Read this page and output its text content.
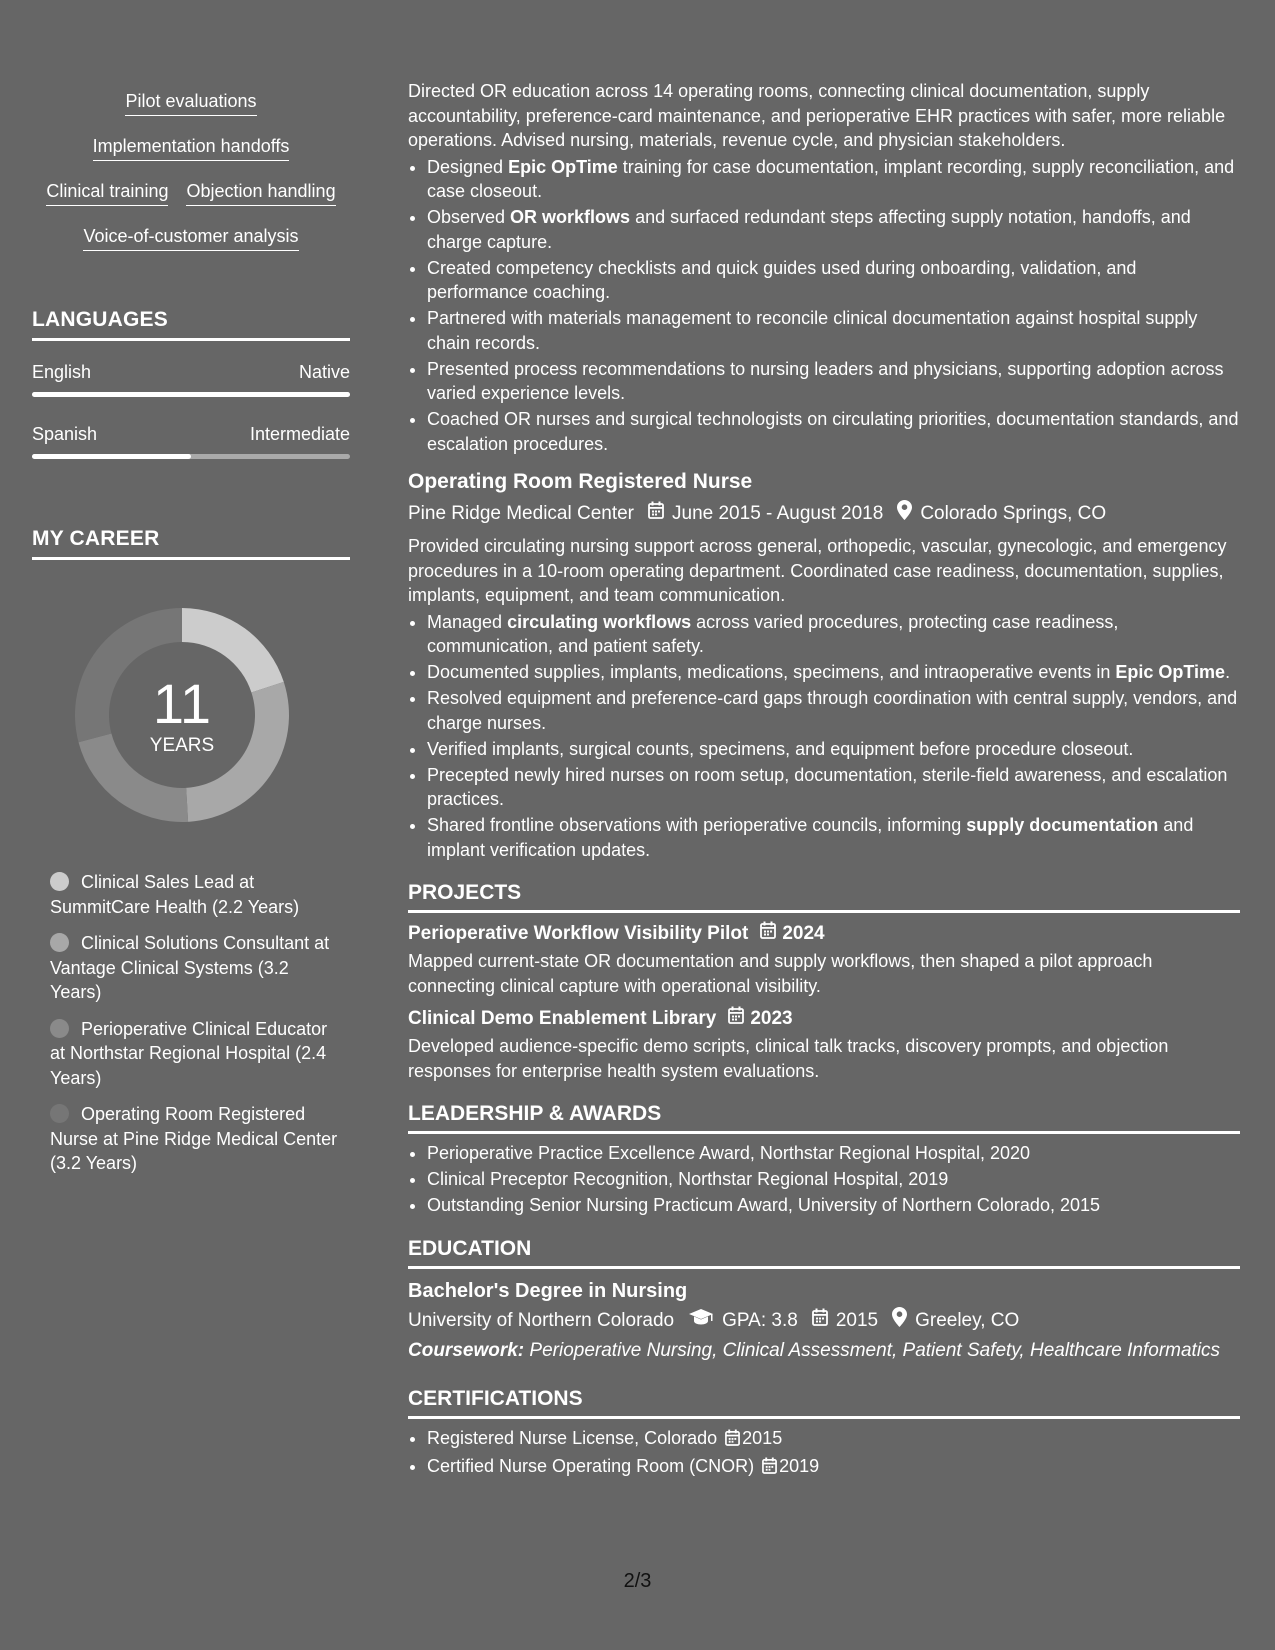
Pilot evaluations
Implementation handoffs
Clinical training Objection handling
Voice-of-customer analysis
LANGUAGES
English	Native
Spanish	Intermediate
MY CAREER
11
YEARS
Clinical Sales Lead at SummitCare Health (2.2 Years)
Clinical Solutions Consultant at Vantage Clinical Systems (3.2 Years)
Perioperative Clinical Educator at Northstar Regional Hospital (2.4 Years)
Operating Room Registered Nurse at Pine Ridge Medical Center (3.2 Years)

Directed OR education across 14 operating rooms, connecting clinical documentation, supply accountability, preference-card maintenance, and perioperative EHR practices with safer, more reliable operations. Advised nursing, materials, revenue cycle, and physician stakeholders.

• Designed Epic OpTime training for case documentation, implant recording, supply reconciliation, and case closeout.
• Observed OR workflows and surfaced redundant steps affecting supply notation, handoffs, and charge capture.
• Created competency checklists and quick guides used during onboarding, validation, and performance coaching.
• Partnered with materials management to reconcile clinical documentation against hospital supply chain records.
• Presented process recommendations to nursing leaders and physicians, supporting adoption across varied experience levels.
• Coached OR nurses and surgical technologists on circulating priorities, documentation standards, and escalation procedures.
Operating Room Registered Nurse
Pine Ridge Medical Center June 2015 - August 2018 Colorado Springs, CO

Provided circulating nursing support across general, orthopedic, vascular, gynecologic, and emergency procedures in a 10-room operating department. Coordinated case readiness, documentation, supplies, implants, equipment, and team communication.

• Managed circulating workflows across varied procedures, protecting case readiness, communication, and patient safety.
• Documented supplies, implants, medications, specimens, and intraoperative events in Epic OpTime.
• Resolved equipment and preference-card gaps through coordination with central supply, vendors, and charge nurses.
• Verified implants, surgical counts, specimens, and equipment before procedure closeout.
• Precepted newly hired nurses on room setup, documentation, sterile-field awareness, and escalation practices.
• Shared frontline observations with perioperative councils, informing supply documentation and implant verification updates.
PROJECTS
Perioperative Workflow Visibility Pilot 2024

Mapped current-state OR documentation and supply workflows, then shaped a pilot approach connecting clinical capture with operational visibility.

Clinical Demo Enablement Library 2023

Developed audience-specific demo scripts, clinical talk tracks, discovery prompts, and objection responses for enterprise health system evaluations.

LEADERSHIP & AWARDS
• Perioperative Practice Excellence Award, Northstar Regional Hospital, 2020
• Clinical Preceptor Recognition, Northstar Regional Hospital, 2019
• Outstanding Senior Nursing Practicum Award, University of Northern Colorado, 2015
EDUCATION
Bachelor's Degree in Nursing
University of Northern Colorado	GPA: 3.8 2015 Greeley, CO

Coursework: Perioperative Nursing, Clinical Assessment, Patient Safety, Healthcare Informatics

CERTIFICATIONS
• Registered Nurse License, Colorado 2015
• Certified Nurse Operating Room (CNOR) 2019
2/3
